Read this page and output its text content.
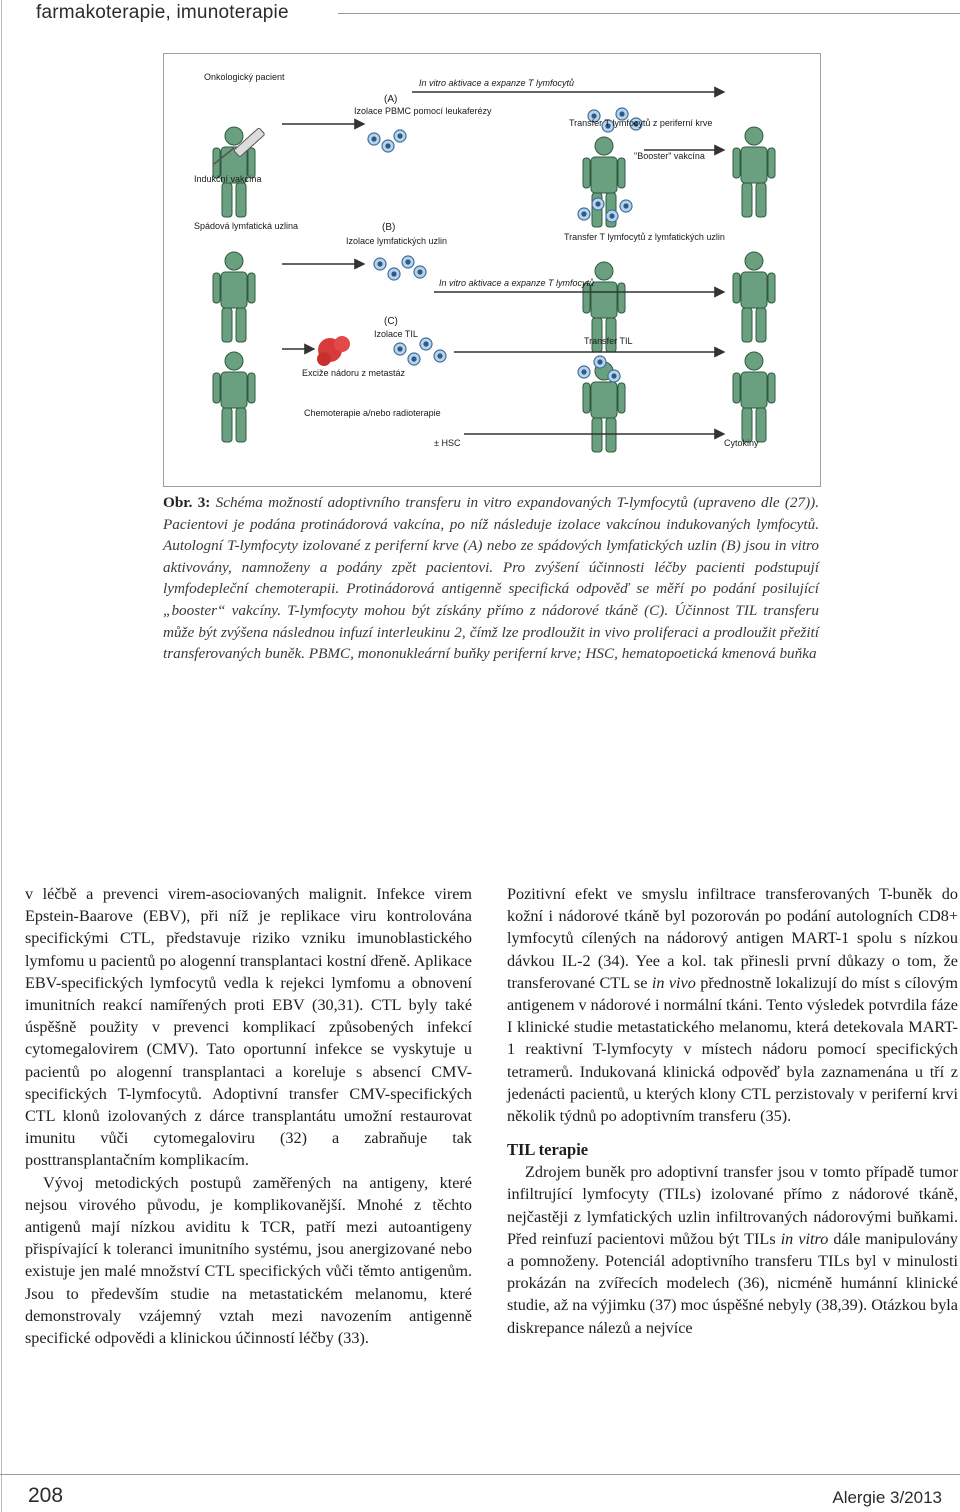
farmakoterapie, imunoterapie
Onkologický pacient
Indukční vakcína
Spádová lymfatická uzlina
(A)
Izolace PBMC pomocí leukaferézy
In vitro aktivace a expanze T lymfocytů
Transfer T lymfocytů z periferní krve
"Booster" vakcína
(B)
Izolace lymfatických uzlin	Transfer T lymfocytů z lymfatických uzlin
In vitro aktivace a expanze T lymfocytů
(C)
Izolace TIL
Exciže nádoru z metastáz
Chemoterapie a/nebo radioterapie
± HSC
Transfer TIL
Cytokiny
Obr. 3: Schéma možností adoptivního transferu in vitro expandovaných T-lymfocytů (upraveno dle (27)). Pacientovi je podána protinádorová vakcína, po níž následuje izolace vakcínou indukovaných lymfocytů. Autologní T-lymfocyty izolované z periferní krve (A) nebo ze spádových lymfatických uzlin (B) jsou in vitro aktivovány, namnoženy a podány zpět pacientovi. Pro zvýšení účinnosti léčby pacienti podstupují lymfodepleční chemoterapii. Protinádorová antigenně specifická odpověď se měří po podání posilující „booster“ vakcíny. T-lymfocyty mohou být získány přímo z nádorové tkáně (C). Účinnost TIL transferu může být zvýšena následnou infuzí interleukinu 2, čímž lze prodloužit in vivo proliferaci a prodloužit přežití transferovaných buněk. PBMC, mononukleární buňky periferní krve; HSC, hematopoetická kmenová buňka

v léčbě a prevenci virem-asociovaných malignit. Infekce virem Epstein-Baarove (EBV), při níž je replikace viru kontrolována specifickými CTL, představuje riziko vzniku imunoblastického lymfomu u pacientů po alogenní transplantaci kostní dřeně. Aplikace EBV-specifických lymfocytů vedla k rejekci lymfomu a obnovení imunitních reakcí namířených proti EBV (30,31). CTL byly také úspěšně použity v prevenci komplikací způsobených infekcí cytomegalovirem (CMV). Tato oportunní infekce se vyskytuje u pacientů po alogenní transplantaci a koreluje s absencí CMV-specifických T-lymfocytů. Adoptivní transfer CMV-specifických CTL klonů izolovaných z dárce transplantátu umožní restaurovat imunitu vůči cytomegaloviru (32) a zabraňuje tak posttransplantačním komplikacím.

Vývoj metodických postupů zaměřených na antigeny, které nejsou virového původu, je komplikovanější. Mnohé z těchto antigenů mají nízkou aviditu k TCR, patří mezi autoantigeny přispívající k toleranci imunitního systému, jsou anergizované nebo existuje jen malé množství CTL specifických vůči těmto antigenům. Jsou to především studie na metastatickém melanomu, které demonstrovaly vzájemný vztah mezi navozením antigenně specifické odpovědi a klinickou účinností léčby (33).

Pozitivní efekt ve smyslu infiltrace transferovaných T-buněk do kožní i nádorové tkáně byl pozorován po podání autologních CD8+ lymfocytů cílených na nádorový antigen MART-1 spolu s nízkou dávkou IL-2 (34). Yee a kol. tak přinesli první důkazy o tom, že transferované CTL se in vivo přednostně lokalizují do míst s cílovým antigenem v nádorové i normální tkáni. Tento výsledek potvrdila fáze I klinické studie metastatického melanomu, která detekovala MART-1 reaktivní T-lymfocyty v místech nádoru pomocí specifických tetramerů. Indukovaná klinická odpověď byla zaznamenána u tří z jedenácti pacientů, u kterých klony CTL perzistovaly v periferní krvi několik týdnů po adoptivním transferu (35).

TIL terapie

Zdrojem buněk pro adoptivní transfer jsou v tomto případě tumor infiltrující lymfocyty (TILs) izolované přímo z nádorové tkáně, nejčastěji z lymfatických uzlin infiltrovaných nádorovými buňkami. Před reinfuzí pacientovi můžou být TILs in vitro dále manipulovány a pomnoženy. Potenciál adoptivního transferu TILs byl v minulosti prokázán na zvířecích modelech (36), nicméně humánní klinické studie, až na výjimku (37) moc úspěšné nebyly (38,39). Otázkou byla diskrepance nálezů a nejvíce

208	Alergie 3/2013
